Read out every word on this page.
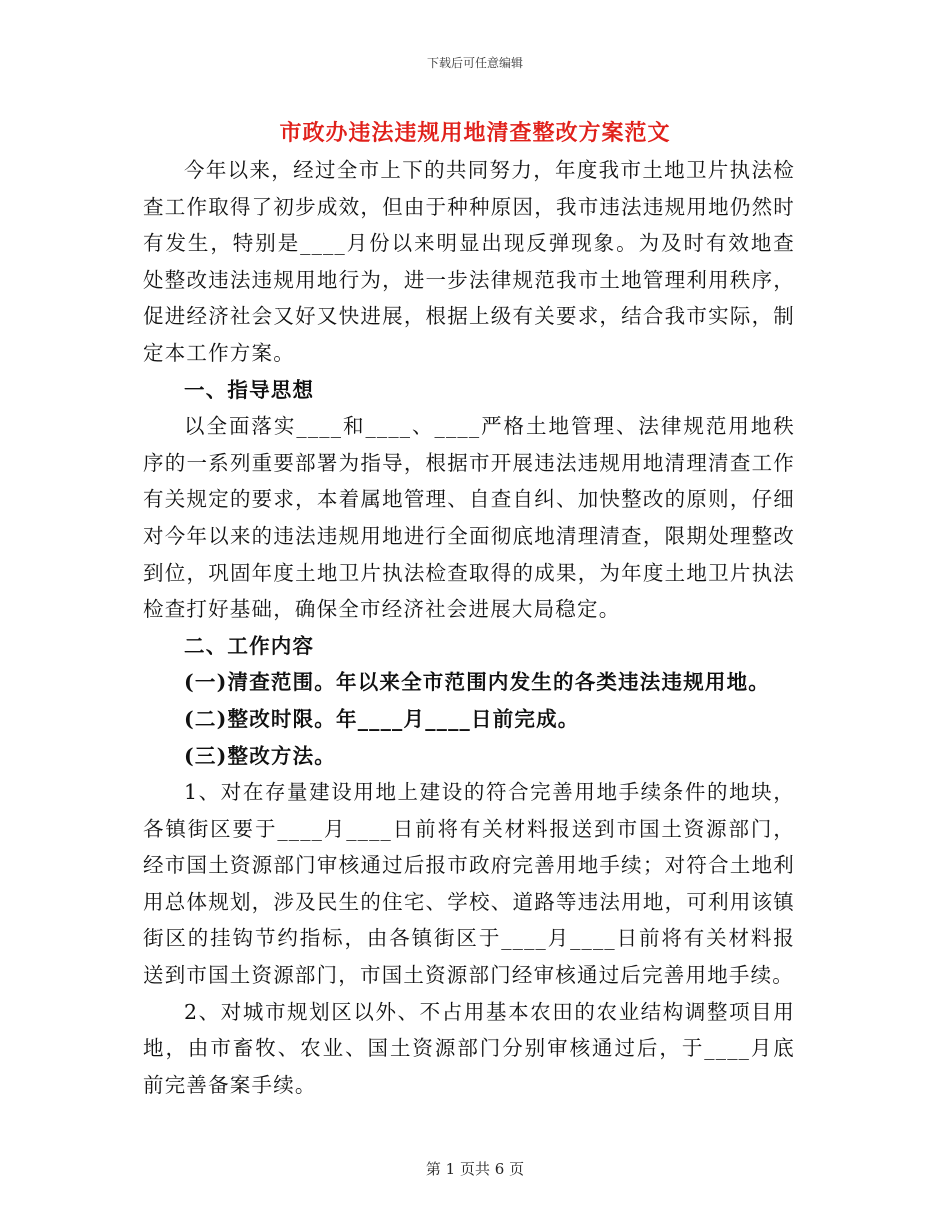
下载后可任意编辑
市政办违法违规用地清查整改方案范文

今年以来，经过全市上下的共同努力，年度我市土地卫片执法检查工作取得了初步成效，但由于种种原因，我市违法违规用地仍然时有发生，特别是____月份以来明显出现反弹现象。为及时有效地查处整改违法违规用地行为，进一步法律规范我市土地管理利用秩序，促进经济社会又好又快进展，根据上级有关要求，结合我市实际，制定本工作方案。

一、指导思想

以全面落实____和____、____严格土地管理、法律规范用地秩序的一系列重要部署为指导，根据市开展违法违规用地清理清查工作有关规定的要求，本着属地管理、自查自纠、加快整改的原则，仔细对今年以来的违法违规用地进行全面彻底地清理清查，限期处理整改到位，巩固年度土地卫片执法检查取得的成果，为年度土地卫片执法检查打好基础，确保全市经济社会进展大局稳定。

二、工作内容

(一)清查范围。年以来全市范围内发生的各类违法违规用地。

(二)整改时限。年____月____日前完成。

(三)整改方法。

1、对在存量建设用地上建设的符合完善用地手续条件的地块，各镇街区要于____月____日前将有关材料报送到市国土资源部门，经市国土资源部门审核通过后报市政府完善用地手续；对符合土地利用总体规划，涉及民生的住宅、学校、道路等违法用地，可利用该镇街区的挂钩节约指标，由各镇街区于____月____日前将有关材料报送到市国土资源部门，市国土资源部门经审核通过后完善用地手续。

2、对城市规划区以外、不占用基本农田的农业结构调整项目用地，由市畜牧、农业、国土资源部门分别审核通过后，于____月底前完善备案手续。

第 1 页共 6 页
